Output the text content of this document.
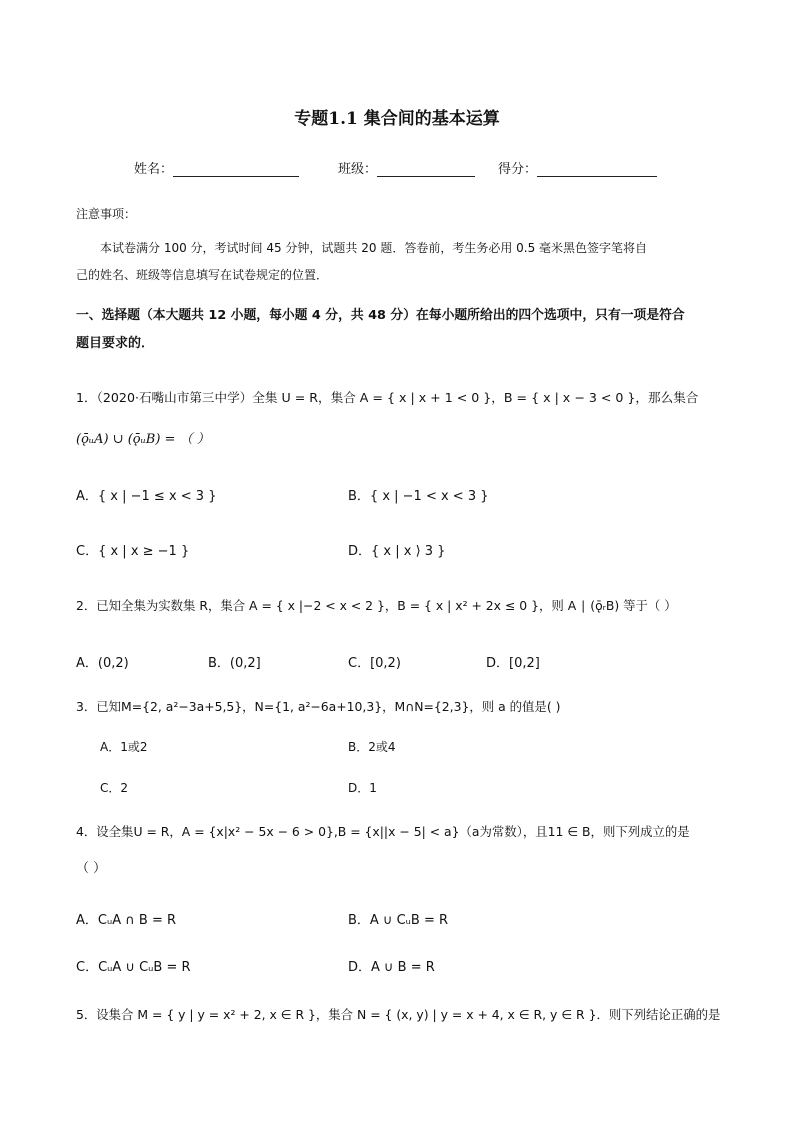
专题1.1 集合间的基本运算
姓名：	班级：	得分：
注意事项：
本试卷满分 100 分，考试时间 45 分钟，试题共 20 题．答卷前，考生务必用 0.5 毫米黑色签字笔将自
己的姓名、班级等信息填写在试卷规定的位置．
一、选择题（本大题共 12 小题，每小题 4 分，共 48 分）在每小题所给出的四个选项中，只有一项是符合
题目要求的．
1．（2020·石嘴山市第三中学）全集 U = R，集合 A = { x | x + 1 < 0 }，B = { x | x − 3 < 0 }，那么集合
(ǭᵤA) ∪ (ǭᵤB) = （ ）
A．{ x | −1 ≤ x < 3 }	B．{ x | −1 < x < 3 }
C．{ x | x ≥ −1 }	D．{ x | x ⟩ 3 }
2．已知全集为实数集 R，集合 A = { x |−2 < x < 2 }，B = { x | x² + 2x ≤ 0 }，则 A ∣ (ǭᵣB) 等于（ ）
A．(0,2)	B．(0,2]	C．[0,2)	D．[0,2]
3．已知M={2, a²−3a+5,5}，N={1, a²−6a+10,3}，M∩N={2,3}，则 a 的值是( )
A．1或2	B．2或4
C．2	D．1
4．设全集U = R，A = {x|x² − 5x − 6 > 0},B = {x||x − 5| < a}（a为常数），且11 ∈ B，则下列成立的是
（ ）
A．CᵤA ∩ B = R	B．A ∪ CᵤB = R
C．CᵤA ∪ CᵤB = R	D．A ∪ B = R
5．设集合 M = { y | y = x² + 2, x ∈ R }，集合 N = { (x, y) | y = x + 4, x ∈ R, y ∈ R }．则下列结论正确的是
